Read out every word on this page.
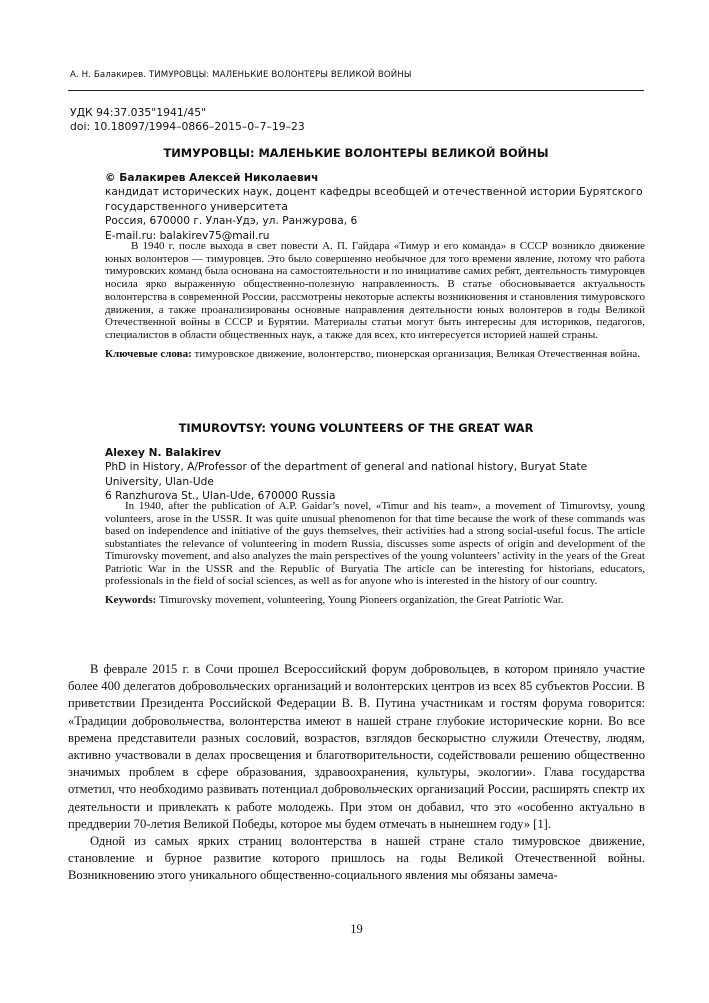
А. Н. Балакирев. ТИМУРОВЦЫ: МАЛЕНЬКИЕ ВОЛОНТЕРЫ ВЕЛИКОЙ ВОЙНЫ
УДК 94:37.035"1941/45"
doi: 10.18097/1994–0866–2015–0–7–19–23
ТИМУРОВЦЫ: МАЛЕНЬКИЕ ВОЛОНТЕРЫ ВЕЛИКОЙ ВОЙНЫ
© Балакирев Алексей Николаевич
кандидат исторических наук, доцент кафедры всеобщей и отечественной истории Бурятского государственного университета
Россия, 670000 г. Улан-Удэ, ул. Ранжурова, 6
E-mail.ru: balakirev75@mail.ru

В 1940 г. после выхода в свет повести А. П. Гайдара «Тимур и его команда» в СССР возникло движение юных волонтеров — тимуровцев. Это было совершенно необычное для того времени явление, потому что работа тимуровских команд была основана на самостоятельности и по инициативе самих ребят, деятельность тимуровцев носила ярко выраженную общественно-полезную направленность. В статье обосновывается актуальность волонтерства в современной России, рассмотрены некоторые аспекты возникновения и становления тимуровского движения, а также проанализированы основные направления деятельности юных волонтеров в годы Великой Отечественной войны в СССР и Бурятии. Материалы статьи могут быть интересны для историков, педагогов, специалистов в области общественных наук, а также для всех, кто интересуется историей нашей страны.

Ключевые слова: тимуровское движение, волонтерство, пионерская организация, Великая Отечественная война.
TIMUROVTSY: YOUNG VOLUNTEERS OF THE GREAT WAR
Alexey N. Balakirev
PhD in History, A/Professor of the department of general and national history, Buryat State University, Ulan-Ude
6 Ranzhurova St., Ulan-Ude, 670000 Russia

In 1940, after the publication of A.P. Gaidar’s novel, «Timur and his team», a movement of Timurovtsy, young volunteers, arose in the USSR. It was quite unusual phenomenon for that time because the work of these commands was based on independence and initiative of the guys themselves, their activities had a strong social-useful focus. The article substantiates the relevance of volunteering in modern Russia, discusses some aspects of origin and development of the Timurovsky movement, and also analyzes the main perspectives of the young volunteers’ activity in the years of the Great Patriotic War in the USSR and the Republic of Buryatia The article can be interesting for historians, educators, professionals in the field of social sciences, as well as for anyone who is interested in the history of our country.

Keywords: Timurovsky movement, volunteering, Young Pioneers organization, the Great Patriotic War.

В феврале 2015 г. в Сочи прошел Всероссийский форум добровольцев, в котором приняло участие более 400 делегатов добровольческих организаций и волонтерских центров из всех 85 субъектов России. В приветствии Президента Российской Федерации В. В. Путина участникам и гостям форума говорится: «Традиции добровольчества, волонтерства имеют в нашей стране глубокие исторические корни. Во все времена представители разных сословий, возрастов, взглядов бескорыстно служили Отечеству, людям, активно участвовали в делах просвещения и благотворительности, содействовали решению общественно значимых проблем в сфере образования, здравоохранения, культуры, экологии». Глава государства отметил, что необходимо развивать потенциал добровольческих организаций России, расширять спектр их деятельности и привлекать к работе молодежь. При этом он добавил, что это «особенно актуально в преддверии 70-летия Великой Победы, которое мы будем отмечать в нынешнем году» [1].

Одной из самых ярких страниц волонтерства в нашей стране стало тимуровское движение, становление и бурное развитие которого пришлось на годы Великой Отечественной войны. Возникновению этого уникального общественно-социального явления мы обязаны замеча-

19
